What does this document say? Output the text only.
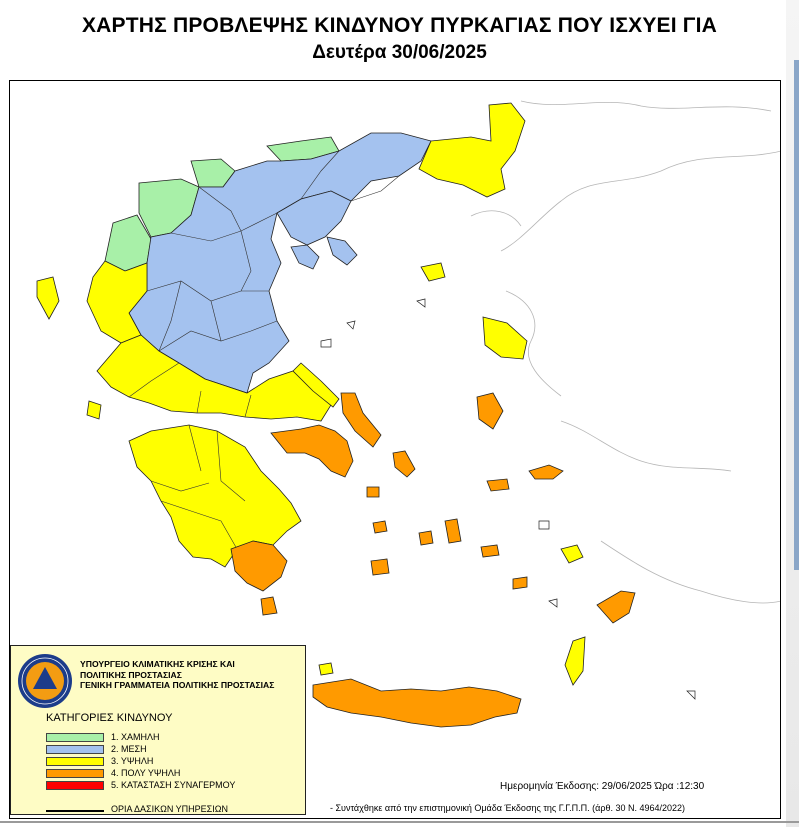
ΧΑΡΤΗΣ ΠΡΟΒΛΕΨΗΣ ΚΙΝΔΥΝΟΥ ΠΥΡΚΑΓΙΑΣ ΠΟΥ ΙΣΧΥΕΙ ΓΙΑ
Δευτέρα 30/06/2025
ΥΠΟΥΡΓΕΙΟ ΚΛΙΜΑΤΙΚΗΣ ΚΡΙΣΗΣ ΚΑΙ
ΠΟΛΙΤΙΚΗΣ ΠΡΟΣΤΑΣΙΑΣ
ΓΕΝΙΚΗ ΓΡΑΜΜΑΤΕΙΑ ΠΟΛΙΤΙΚΗΣ ΠΡΟΣΤΑΣΙΑΣ
ΚΑΤΗΓΟΡΙΕΣ ΚΙΝΔΥΝΟΥ
1. ΧΑΜΗΛΗ
2. ΜΕΣΗ
3. ΥΨΗΛΗ
4. ΠΟΛΥ ΥΨΗΛΗ
5. ΚΑΤΑΣΤΑΣΗ ΣΥΝΑΓΕΡΜΟΥ
ΟΡΙΑ ΔΑΣΙΚΩΝ ΥΠΗΡΕΣΙΩΝ
Ημερομηνία Έκδοσης: 29/06/2025 Ώρα :12:30
- Συντάχθηκε από την επιστημονική Ομάδα Έκδοσης της Γ.Γ.Π.Π. (άρθ. 30 Ν. 4964/2022)
